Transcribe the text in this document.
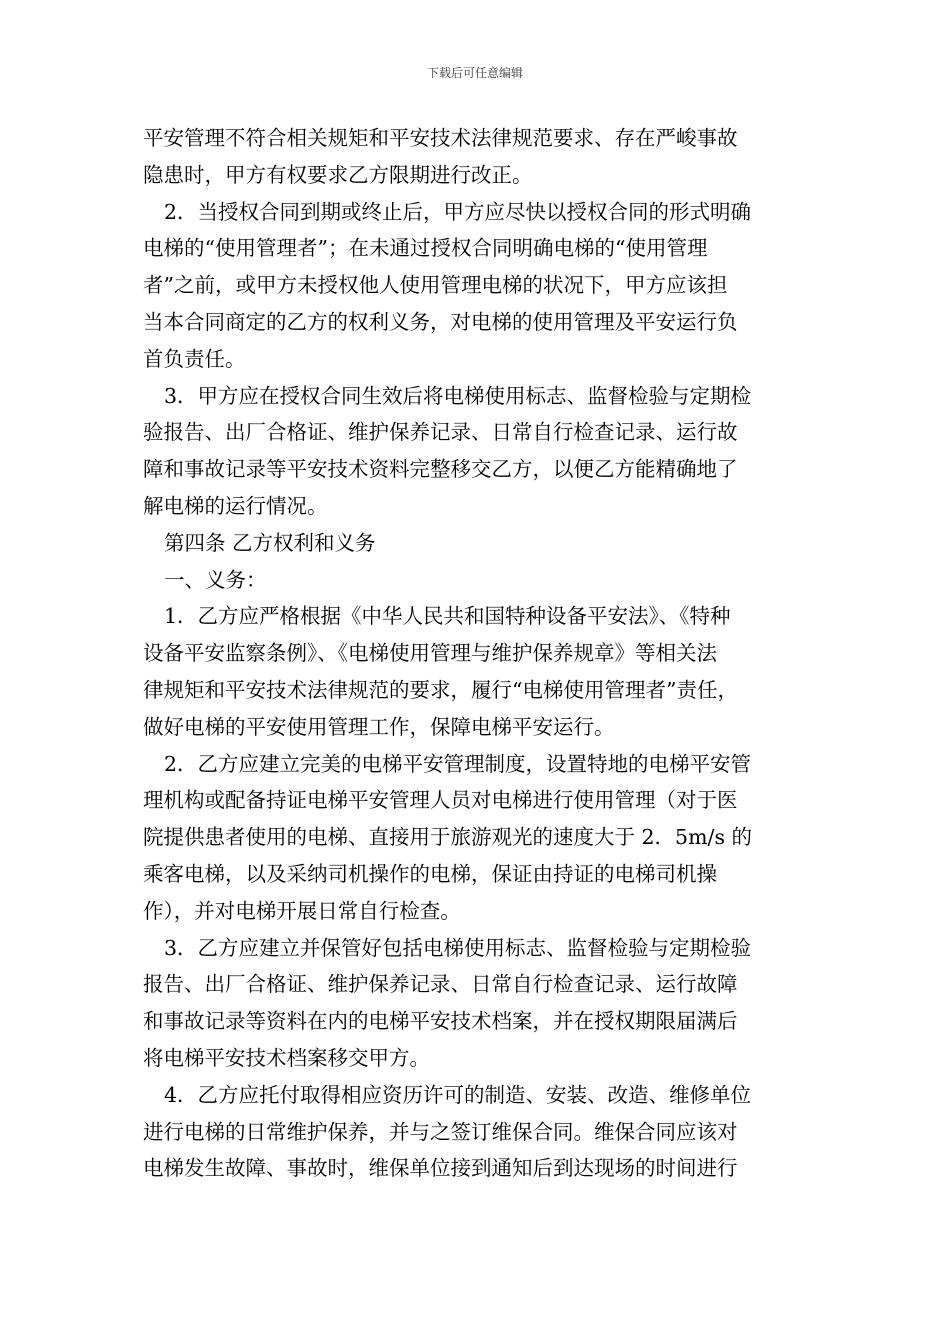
下载后可任意编辑
平安管理不符合相关规矩和平安技术法律规范要求、存在严峻事故
隐患时，甲方有权要求乙方限期进行改正。
2．当授权合同到期或终止后，甲方应尽快以授权合同的形式明确
电梯的“使用管理者”；在未通过授权合同明确电梯的“使用管理
者”之前，或甲方未授权他人使用管理电梯的状况下，甲方应该担
当本合同商定的乙方的权利义务，对电梯的使用管理及平安运行负
首负责任。
3．甲方应在授权合同生效后将电梯使用标志、监督检验与定期检
验报告、出厂合格证、维护保养记录、日常自行检查记录、运行故
障和事故记录等平安技术资料完整移交乙方，以便乙方能精确地了
解电梯的运行情况。
第四条 乙方权利和义务
一、义务：
1．乙方应严格根据《中华人民共和国特种设备平安法》、《特种
设备平安监察条例》、《电梯使用管理与维护保养规章》等相关法
律规矩和平安技术法律规范的要求，履行“电梯使用管理者”责任，
做好电梯的平安使用管理工作，保障电梯平安运行。
2．乙方应建立完美的电梯平安管理制度，设置特地的电梯平安管
理机构或配备持证电梯平安管理人员对电梯进行使用管理（对于医
院提供患者使用的电梯、直接用于旅游观光的速度大于 2．5m/s 的
乘客电梯，以及采纳司机操作的电梯，保证由持证的电梯司机操
作），并对电梯开展日常自行检查。
3．乙方应建立并保管好包括电梯使用标志、监督检验与定期检验
报告、出厂合格证、维护保养记录、日常自行检查记录、运行故障
和事故记录等资料在内的电梯平安技术档案，并在授权期限届满后
将电梯平安技术档案移交甲方。
4．乙方应托付取得相应资历许可的制造、安装、改造、维修单位
进行电梯的日常维护保养，并与之签订维保合同。维保合同应该对
电梯发生故障、事故时，维保单位接到通知后到达现场的时间进行
